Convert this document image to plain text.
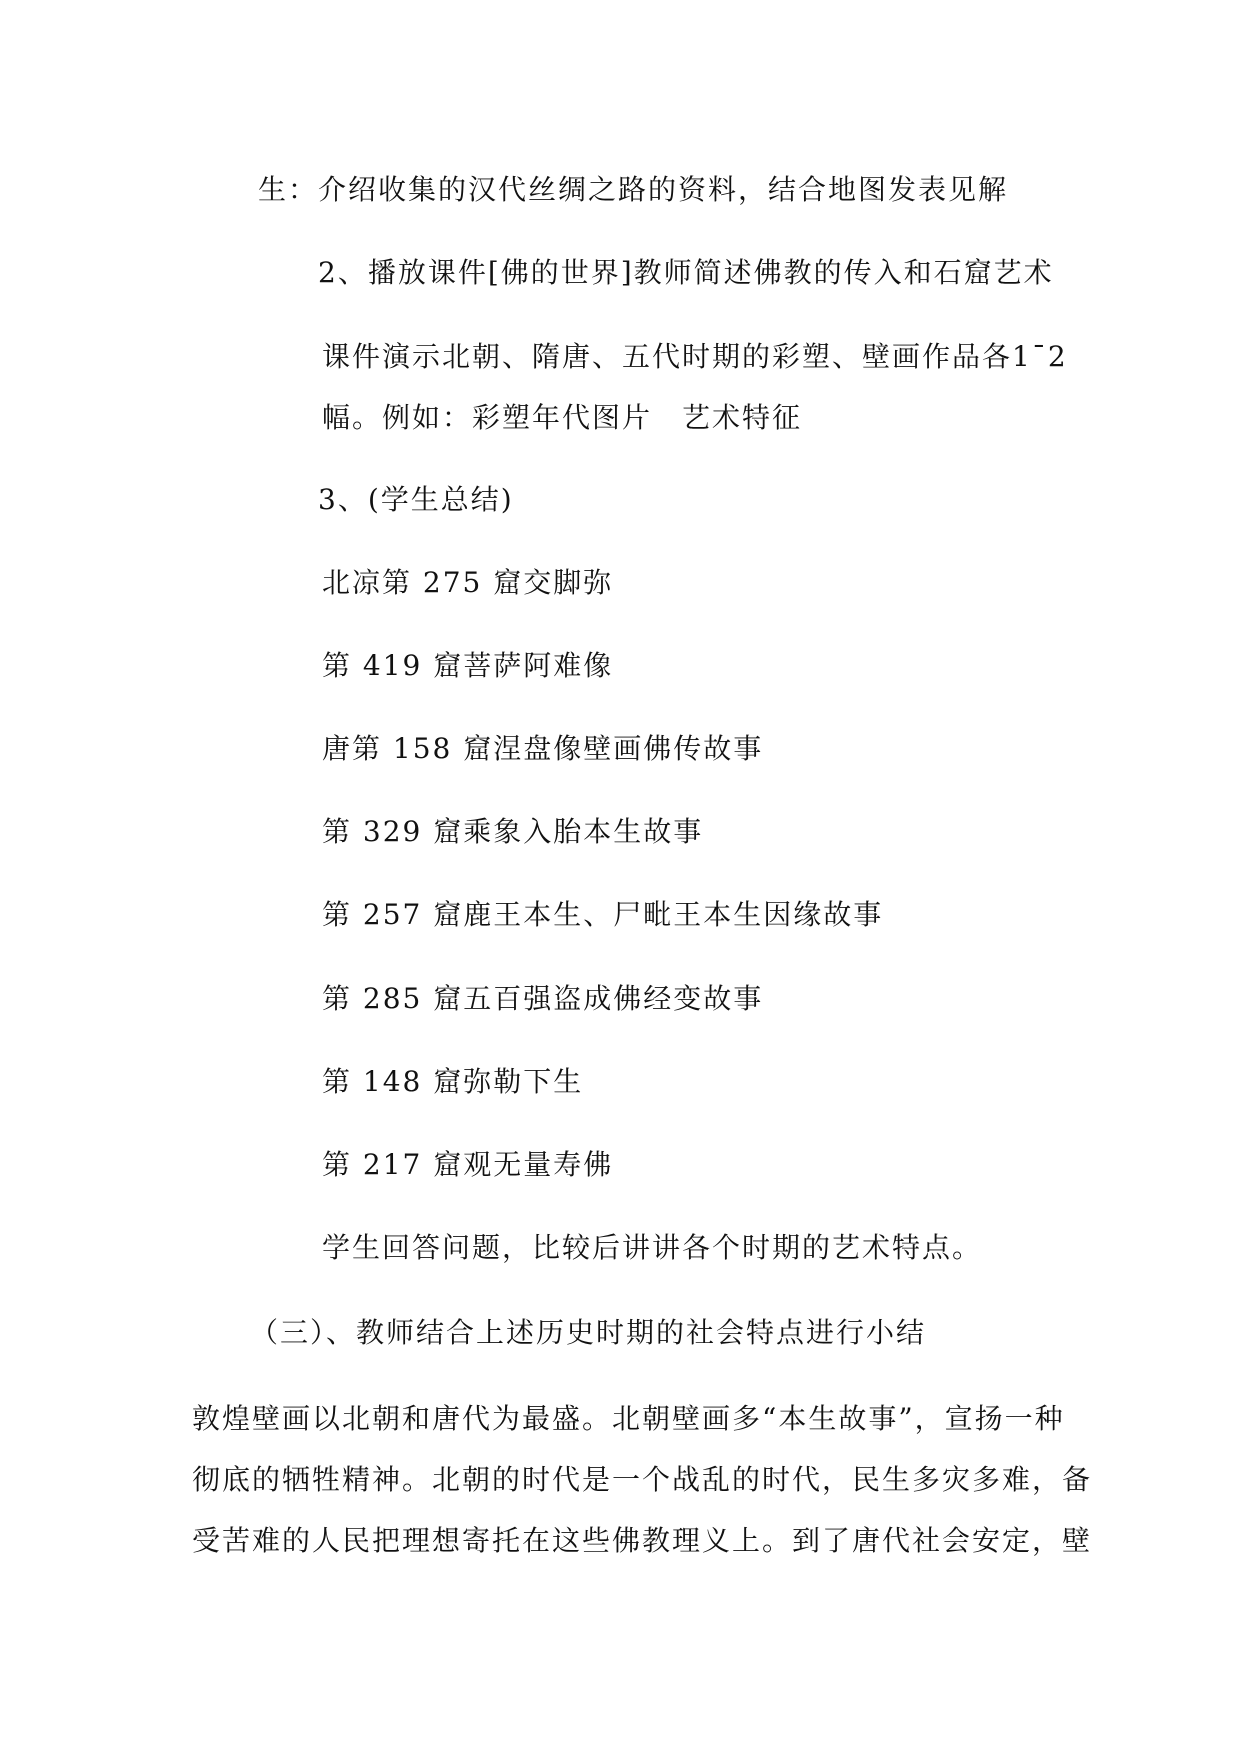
生：介绍收集的汉代丝绸之路的资料，结合地图发表见解
2、播放课件[佛的世界]教师简述佛教的传入和石窟艺术
课件演示北朝、隋唐、五代时期的彩塑、壁画作品各1¯2
幅。例如：彩塑年代图片　艺术特征
3、(学生总结)
北凉第 275 窟交脚弥
第 419 窟菩萨阿难像
唐第 158 窟涅盘像壁画佛传故事
第 329 窟乘象入胎本生故事
第 257 窟鹿王本生、尸毗王本生因缘故事
第 285 窟五百强盗成佛经变故事
第 148 窟弥勒下生
第 217 窟观无量寿佛
学生回答问题，比较后讲讲各个时期的艺术特点。
（三）、教师结合上述历史时期的社会特点进行小结
敦煌壁画以北朝和唐代为最盛。北朝壁画多“本生故事”，宣扬一种
彻底的牺牲精神。北朝的时代是一个战乱的时代，民生多灾多难，备
受苦难的人民把理想寄托在这些佛教理义上。到了唐代社会安定，壁
